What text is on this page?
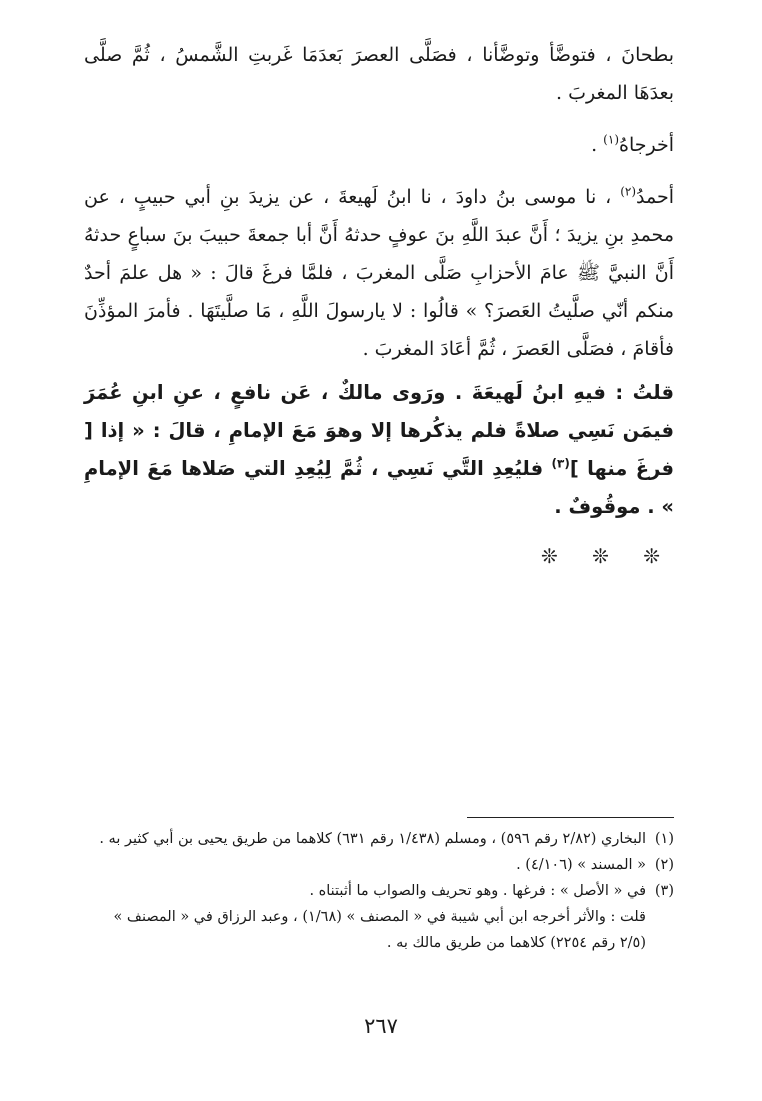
بطحانَ ، فتوضَّأ وتوضَّأنا ، فصَلَّى العصرَ بَعدَمَا غَربتِ الشَّمسُ ، ثُمَّ صلَّى بعدَهَا المغربَ .

أخرجاهُ$^{(١)}$ .

أحمدُ$^{(٢)}$ ، نا موسى بنُ داودَ ، نا ابنُ لَهيعةَ ، عن يزيدَ بنِ أبي حبيبٍ ، عن محمدِ بنِ يزيدَ ؛ أَنَّ عبدَ اللَّهِ بنَ عوفٍ حدثهُ أَنَّ أبا جمعةَ حبيبَ بنَ سباعٍ حدثهُ أَنَّ النبيَّ ﷺ عامَ الأحزابِ صَلَّى المغربَ ، فلمَّا فرغَ قالَ : « هل علمَ أحدٌ منكم أنّي صلَّيتُ العَصرَ؟ » قالُوا : لا يارسولَ اللَّهِ ، مَا صلَّيتَهَا . فأمرَ المؤذِّنَ فأقامَ ، فصَلَّى العَصرَ ، ثُمَّ أعَادَ المغربَ .

قلتُ : فيهِ ابنُ لَهيعَةَ . ورَوى مالكٌ ، عَن نافعٍ ، عنِ ابنِ عُمَرَ فيمَن نَسِي صلاةً فلم يذكُرها إلا وهوَ مَعَ الإمامِ ، قالَ : « إذا [ فرغَ منها ]$^{(٣)}$ فليُعِدِ التَّي نَسِي ، ثُمَّ لِيُعِدِ التي صَلاها مَعَ الإمامِ » . موقُوفٌ .

❊ ❊ ❊
(١)
البخاري (٢/٨٢ رقم ٥٩٦) ، ومسلم (١/٤٣٨ رقم ٦٣١) كلاهما من طريق يحيى بن أبي كثير به .
(٢)
« المسند » (٤/١٠٦) .
(٣)
في « الأصل » : فرغها . وهو تحريف والصواب ما أثبتناه .
قلت : والأثر أخرجه ابن أبي شيبة في « المصنف » (١/٦٨) ، وعبد الرزاق في « المصنف » (٢/٥ رقم ٢٢٥٤) كلاهما من طريق مالك به .
٢٦٧
